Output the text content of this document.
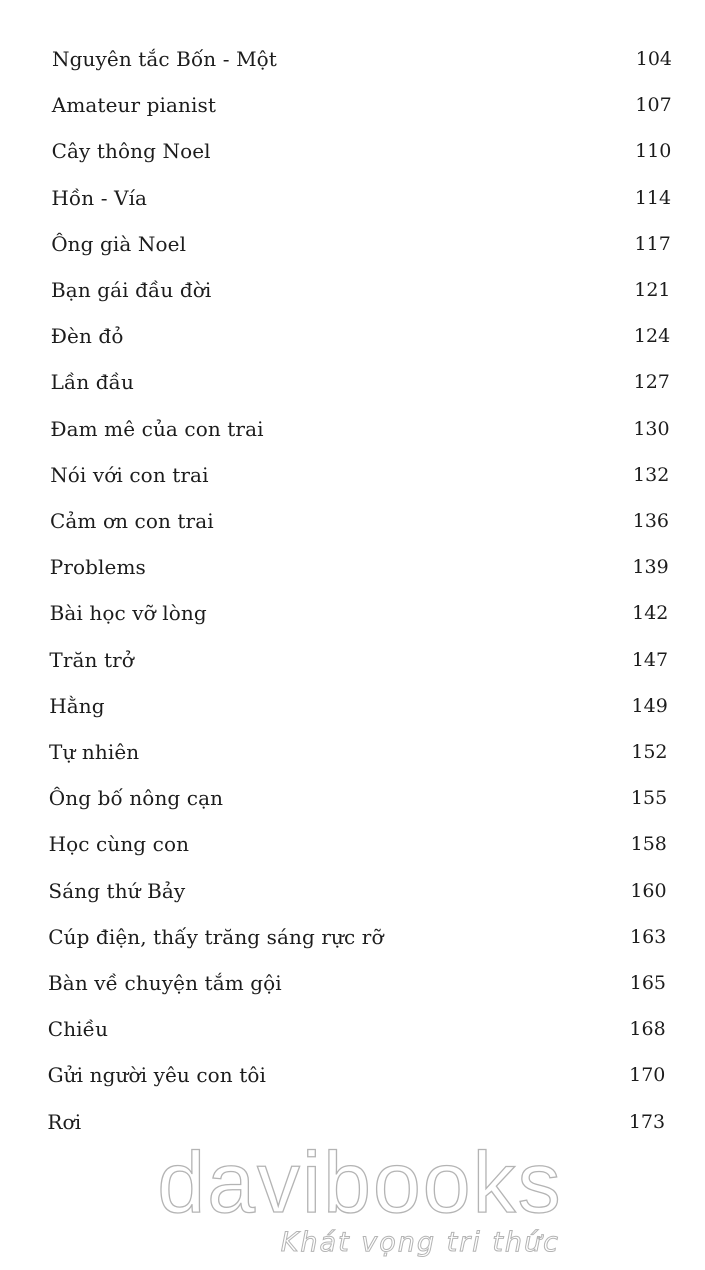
Nguyên tắc Bốn - Một	104
Amateur pianist	107
Cây thông Noel	110
Hồn - Vía	114
Ông già Noel	117
Bạn gái đầu đời	121
Đèn đỏ	124
Lần đầu	127
Đam mê của con trai	130
Nói với con trai	132
Cảm ơn con trai	136
Problems	139
Bài học vỡ lòng	142
Trăn trở	147
Hằng	149
Tự nhiên	152
Ông bố nông cạn	155
Học cùng con	158
Sáng thứ Bảy	160
Cúp điện, thấy trăng sáng rực rỡ	163
Bàn về chuyện tắm gội	165
Chiều	168
Gửi người yêu con tôi	170
Rơi	173
davibooks
Khát vọng tri thức
